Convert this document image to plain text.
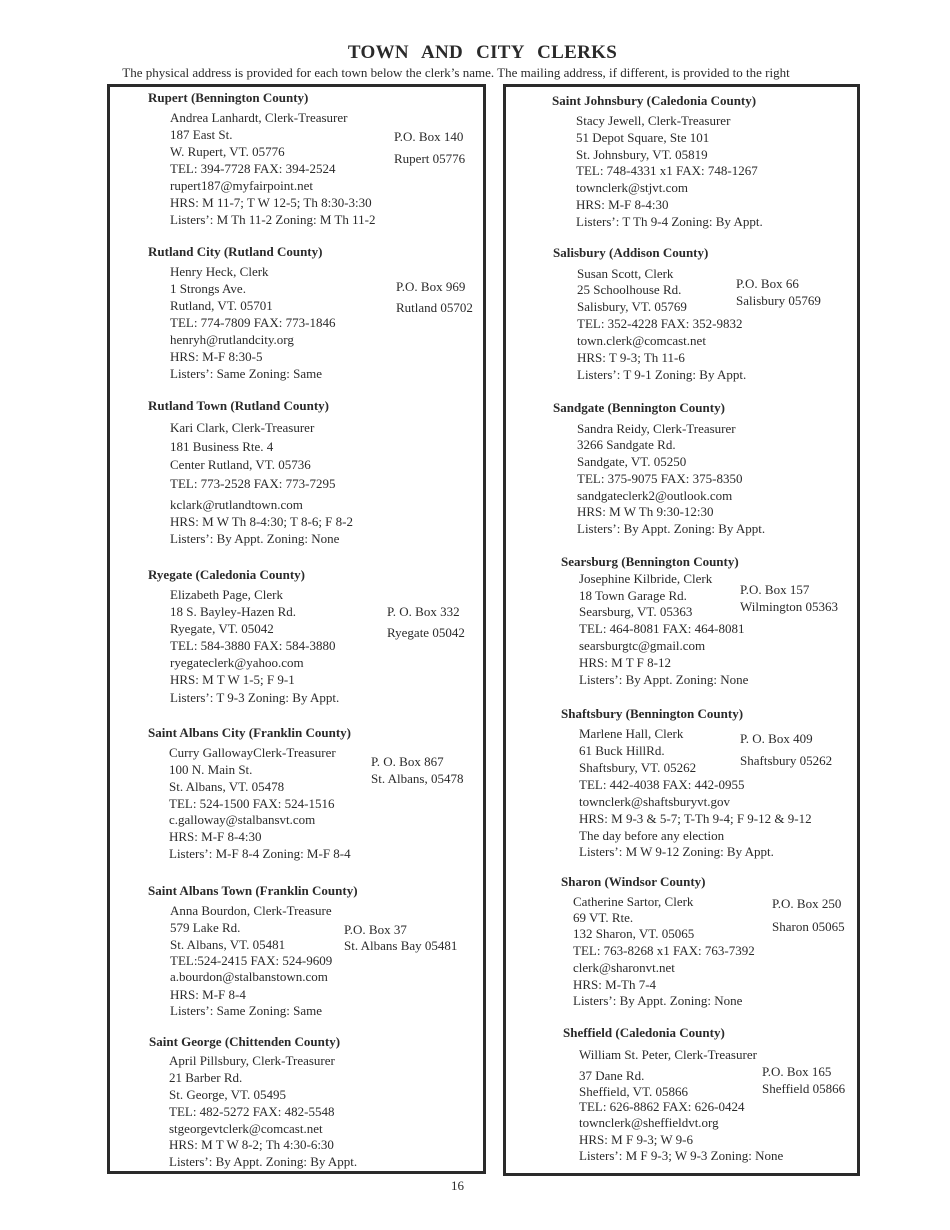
TOWN AND CITY CLERKS
The physical address is provided for each town below the clerk’s name. The mailing address, if different, is provided to the right
Rupert (Bennington County)
Andrea Lanhardt, Clerk-Treasurer
187 East St.
W. Rupert, VT. 05776
TEL: 394-7728 FAX: 394-2524
rupert187@myfairpoint.net
HRS: M 11-7; T W 12-5; Th 8:30-3:30
Listers’: M Th 11-2 Zoning: M Th 11-2
P.O. Box 140
Rupert 05776
Rutland City (Rutland County)
Henry Heck, Clerk
1 Strongs Ave.
Rutland, VT. 05701
TEL: 774-7809 FAX: 773-1846
henryh@rutlandcity.org
HRS: M-F 8:30-5
Listers’: Same Zoning: Same
P.O. Box 969
Rutland 05702
Rutland Town (Rutland County)
Kari Clark, Clerk-Treasurer
181 Business Rte. 4
Center Rutland, VT. 05736
TEL: 773-2528 FAX: 773-7295
kclark@rutlandtown.com
HRS: M W Th 8-4:30; T 8-6; F 8-2
Listers’: By Appt. Zoning: None
Ryegate (Caledonia County)
Elizabeth Page, Clerk
18 S. Bayley-Hazen Rd.
Ryegate, VT. 05042
TEL: 584-3880 FAX: 584-3880
ryegateclerk@yahoo.com
HRS: M T W 1-5; F 9-1
Listers’: T 9-3 Zoning: By Appt.
P. O. Box 332
Ryegate 05042
Saint Albans City (Franklin County)
Curry GallowayClerk-Treasurer
100 N. Main St.
St. Albans, VT. 05478
TEL: 524-1500 FAX: 524-1516
c.galloway@stalbansvt.com
HRS: M-F 8-4:30
Listers’: M-F 8-4 Zoning: M-F 8-4
P. O. Box 867
St. Albans, 05478
Saint Albans Town (Franklin County)
Anna Bourdon, Clerk-Treasure
579 Lake Rd.
St. Albans, VT. 05481
TEL:524-2415 FAX: 524-9609
a.bourdon@stalbanstown.com
HRS: M-F 8-4
Listers’: Same Zoning: Same
P.O. Box 37
St. Albans Bay 05481
Saint George (Chittenden County)
April Pillsbury, Clerk-Treasurer
21 Barber Rd.
St. George, VT. 05495
TEL: 482-5272 FAX: 482-5548
stgeorgevtclerk@comcast.net
HRS: M T W 8-2; Th 4:30-6:30
Listers’: By Appt. Zoning: By Appt.
Saint Johnsbury (Caledonia County)
Stacy Jewell, Clerk-Treasurer
51 Depot Square, Ste 101
St. Johnsbury, VT. 05819
TEL: 748-4331 x1 FAX: 748-1267
townclerk@stjvt.com
HRS: M-F 8-4:30
Listers’: T Th 9-4 Zoning: By Appt.
Salisbury (Addison County)
Susan Scott, Clerk
25 Schoolhouse Rd.
Salisbury, VT. 05769
TEL: 352-4228 FAX: 352-9832
town.clerk@comcast.net
HRS: T 9-3; Th 11-6
Listers’: T 9-1 Zoning: By Appt.
P.O. Box 66
Salisbury 05769
Sandgate (Bennington County)
Sandra Reidy, Clerk-Treasurer
3266 Sandgate Rd.
Sandgate, VT. 05250
TEL: 375-9075 FAX: 375-8350
sandgateclerk2@outlook.com
HRS: M W Th 9:30-12:30
Listers’: By Appt. Zoning: By Appt.
Searsburg (Bennington County)
Josephine Kilbride, Clerk
18 Town Garage Rd.
Searsburg, VT. 05363
TEL: 464-8081 FAX: 464-8081
searsburgtc@gmail.com
HRS: M T F 8-12
Listers’: By Appt. Zoning: None
P.O. Box 157
Wilmington 05363
Shaftsbury (Bennington County)
Marlene Hall, Clerk
61 Buck HillRd.
Shaftsbury, VT. 05262
TEL: 442-4038 FAX: 442-0955
townclerk@shaftsburyvt.gov
HRS: M 9-3 & 5-7; T-Th 9-4; F 9-12 & 9-12
The day before any election
Listers’: M W 9-12 Zoning: By Appt.
P. O. Box 409
Shaftsbury 05262
Sharon (Windsor County)
Catherine Sartor, Clerk
69 VT. Rte.
132 Sharon, VT. 05065
TEL: 763-8268 x1 FAX: 763-7392
clerk@sharonvt.net
HRS: M-Th 7-4
Listers’: By Appt. Zoning: None
P.O. Box 250
Sharon 05065
Sheffield (Caledonia County)
William St. Peter, Clerk-Treasurer
37 Dane Rd.
Sheffield, VT. 05866
TEL: 626-8862 FAX: 626-0424
townclerk@sheffieldvt.org
HRS: M F 9-3; W 9-6
Listers’: M F 9-3; W 9-3 Zoning: None
P.O. Box 165
Sheffield 05866
16
